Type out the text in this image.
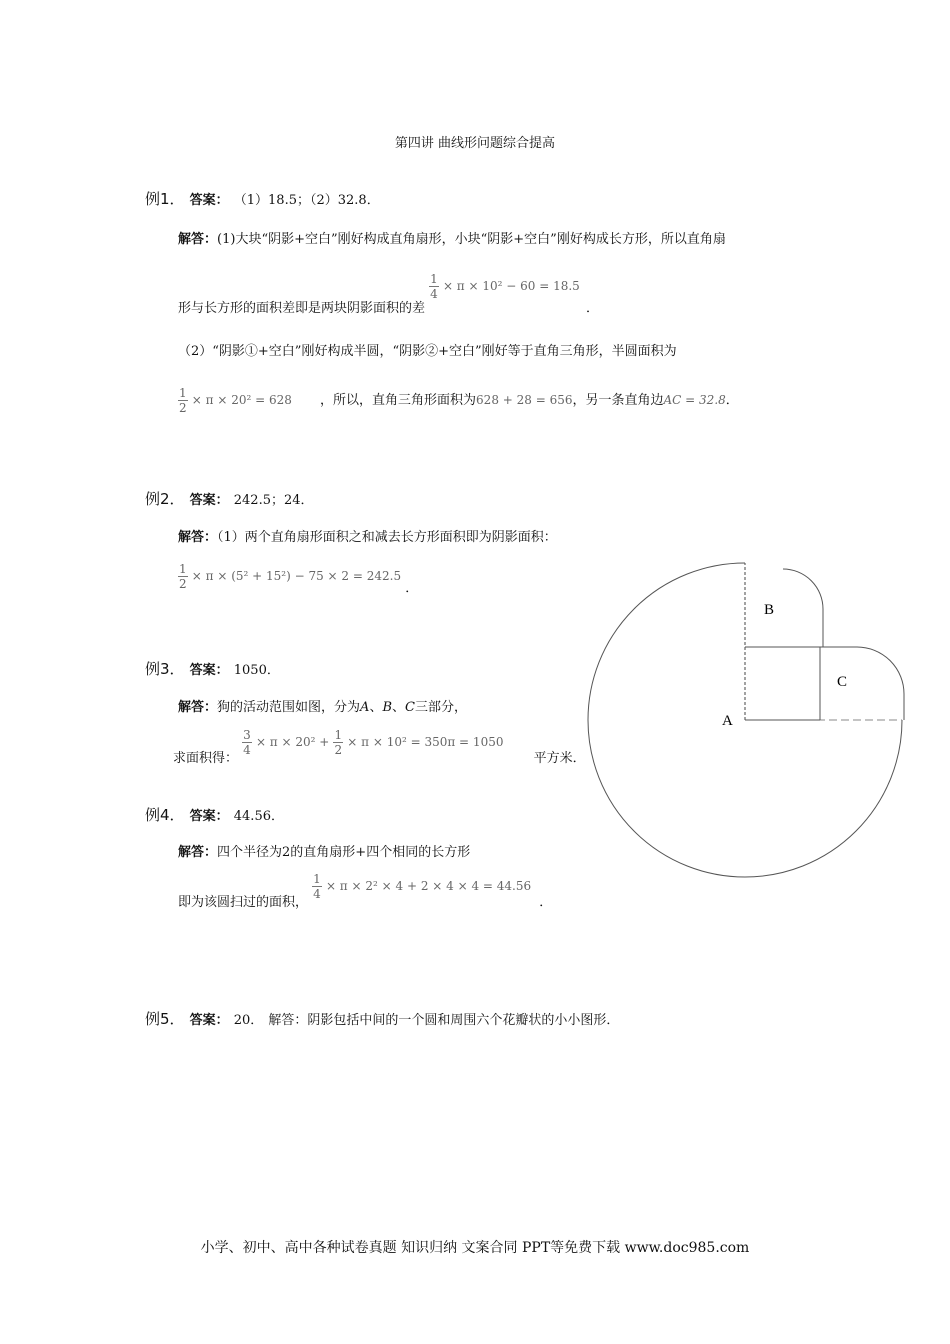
第四讲 曲线形问题综合提高
例1． 答案： （1）18.5；（2）32.8．
解答：(1)大块“阴影+空白”刚好构成直角扇形，小块“阴影+空白”刚好构成长方形，所以直角扇
形与长方形的面积差即是两块阴影面积的差
$\frac{1}{4} \times \pi \times 10^2 - 60 = 18.5$ ．
（2）“阴影①+空白”刚好构成半圆，“阴影②+空白”刚好等于直角三角形，半圆面积为
$\frac{1}{2} \times \pi \times 20^2 = 628$ ，所以，直角三角形面积为628 + 28 = 656，另一条直角边AC = 32.8．
例2． 答案： 242.5；24．
解答：（1）两个直角扇形面积之和减去长方形面积即为阴影面积：
$\frac{1}{2} \times \pi \times (5^2 + 15^2) - 75 \times 2 = 242.5$ ．
例3． 答案： 1050．
解答：狗的活动范围如图，分为A、B、C三部分，
求面积得：
$\frac{3}{4} \times \pi \times 20^2 + \frac{1}{2} \times \pi \times 10^2 = 350\pi = 1050$ 平方米．
例4． 答案： 44.56．
解答：四个半径为2的直角扇形+四个相同的长方形
即为该圆扫过的面积，
$\frac{1}{4} \times \pi \times 2^2 \times 4 + 2 \times 4 \times 4 = 44.56$ ．
例5． 答案： 20． 解答：阴影包括中间的一个圆和周围六个花瓣状的小小图形．
B
C
A
小学、初中、高中各种试卷真题 知识归纳 文案合同 PPT等免费下载 www.doc985.com
